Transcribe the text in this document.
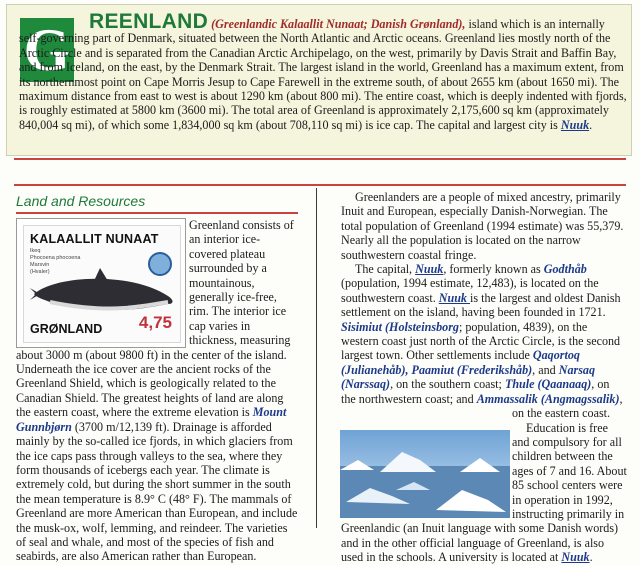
G REENLAND (Greenlandic Kalaallit Nunaat; Danish Grønland), island which is an internally self-governing part of Denmark, situated between the North Atlantic and Arctic oceans. Greenland lies mostly north of the Arctic Circle and is separated from the Canadian Arctic Archipelago, on the west, primarily by Davis Strait and Baffin Bay, and from Iceland, on the east, by the Denmark Strait. The largest island in the world, Greenland has a maximum extent, from its northernmost point on Cape Morris Jesup to Cape Farewell in the extreme south, of about 2655 km (about 1650 mi). The maximum distance from east to west is about 1290 km (about 800 mi). The entire coast, which is deeply indented with fjords, is roughly estimated at 5800 km (3600 mi). The total area of Greenland is approximately 2,175,600 sq km (approximately 840,004 sq mi), of which some 1,834,000 sq km (about 708,110 sq mi) is ice cap. The capital and largest city is Nuuk.
Land and Resources
KALAALLIT NUNAAT
Ikeq
Phocoena phocoena
Marsvin
(Hvaler)
GRØNLAND 4,75
Greenland consists of an interior ice-covered plateau surrounded by a mountainous, generally ice-free, rim. The interior ice cap varies in thickness, measuring about 3000 m (about 9800 ft) in the center of the island. Underneath the ice cover are the ancient rocks of the Greenland Shield, which is geologically related to the Canadian Shield. The greatest heights of land are along the eastern coast, where the extreme elevation is Mount Gunnbjørn (3700 m/12,139 ft). Drainage is afforded mainly by the so-called ice fjords, in which glaciers from the ice caps pass through valleys to the sea, where they form thousands of icebergs each year. The climate is extremely cold, but during the short summer in the south the mean temperature is 8.9° C (48° F). The mammals of Greenland are more American than European, and include the musk-ox, wolf, lemming, and reindeer. The varieties of seal and whale, and most of the species of fish and seabirds, are also American rather than European.

Greenlanders are a people of mixed ancestry, primarily Inuit and European, especially Danish-Norwegian. The total population of Greenland (1994 estimate) was 55,379. Nearly all the population is located on the narrow southwestern coastal fringe.

The capital, Nuuk, formerly known as Godthåb (population, 1994 estimate, 12,483), is located on the southwestern coast. Nuuk is the largest and oldest Danish settlement on the island, having been founded in 1721. Sisimiut (Holsteinsborg; population, 4839), on the western coast just north of the Arctic Circle, is the second largest town. Other settlements include Qaqortoq (Julianehåb), Paamiut (Frederikshåb), and Narsaq (Narssaq), on the southern coast; Thule (Qaanaaq), on the northwestern coast; and
Ammassalik (Angmagssalik), on the eastern coast.

Education is free and compulsory for all children between the ages of 7 and 16. About 85 school centers were in operation in 1992, instructing primarily in Greenlandic (an Inuit language with some Danish words) and in the other official language of Greenland, is also used in the schools. A university is located at Nuuk.
